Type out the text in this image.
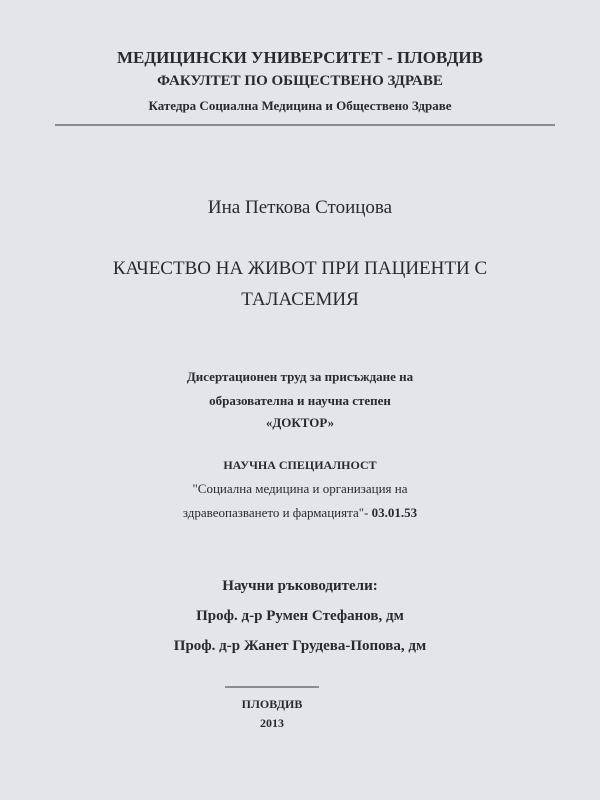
МЕДИЦИНСКИ УНИВЕРСИТЕТ - ПЛОВДИВ
ФАКУЛТЕТ ПО ОБЩЕСТВЕНО ЗДРАВЕ
Катедра Социална Медицина и Обществено Здраве
Ина Петкова Стоицова
КАЧЕСТВО НА ЖИВОТ ПРИ ПАЦИЕНТИ С
ТАЛАСЕМИЯ
Дисертационен труд за присъждане на
образователна и научна степен
«ДОКТОР»
НАУЧНА СПЕЦИАЛНОСТ
"Социална медицина и организация на
здравеопазването и фармацията"- 03.01.53
Научни ръководители:
Проф. д-р Румен Стефанов, дм
Проф. д-р Жанет Грудева-Попова, дм
ПЛОВДИВ
2013
